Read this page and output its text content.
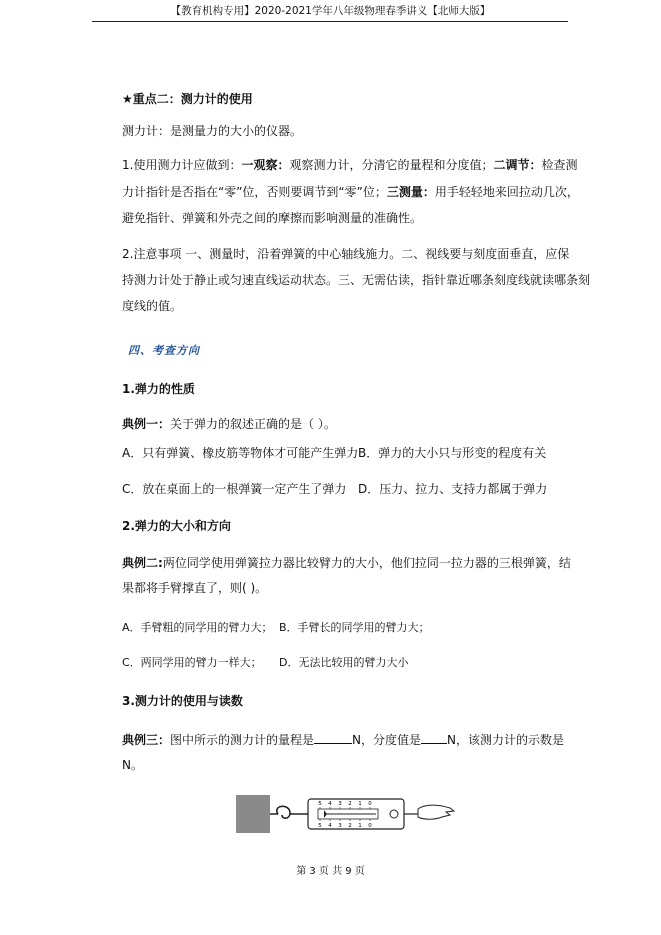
【教育机构专用】2020-2021学年八年级物理春季讲义【北师大版】
★重点二：测力计的使用
测力计：是测量力的大小的仪器。
1.使用测力计应做到：一观察：观察测力计，分清它的量程和分度值；二调节：检查测
力计指针是否指在“零”位，否则要调节到“零”位；三测量：用手轻轻地来回拉动几次，
避免指针、弹簧和外壳之间的摩擦而影响测量的准确性。
2.注意事项 一、测量时，沿着弹簧的中心轴线施力。二、视线要与刻度面垂直，应保
持测力计处于静止或匀速直线运动状态。三、无需估读，指针靠近哪条刻度线就读哪条刻
度线的值。
四、考查方向
1.弹力的性质
典例一：关于弹力的叙述正确的是（ ）。
A．只有弹簧、橡皮筋等物体才可能产生弹力 B．弹力的大小只与形变的程度有关
C．放在桌面上的一根弹簧一定产生了弹力 D．压力、拉力、支持力都属于弹力
2.弹力的大小和方向
典例二:两位同学使用弹簧拉力器比较臂力的大小，他们拉同一拉力器的三根弹簧，结
果都将手臂撑直了，则( )。
A．手臂粗的同学用的臂力大； B．手臂长的同学用的臂力大；
C．两同学用的臂力一样大； D．无法比较用的臂力大小
3.测力计的使用与读数
典例三：图中所示的测力计的量程是	N，分度值是 N，该测力计的示数是
N。
5 4 3 2 1 0
5 4 3 2 1 0
第 3 页 共 9 页
